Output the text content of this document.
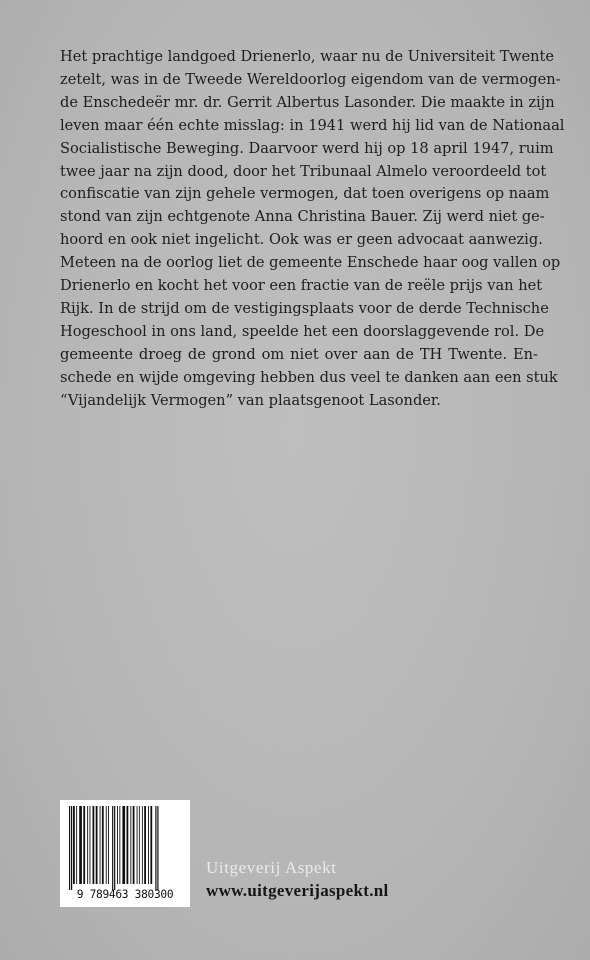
Het prachtige landgoed Drienerlo, waar nu de Universiteit Twente
zetelt, was in de Tweede Wereldoorlog eigendom van de vermogen-
de Enschedeër mr. dr. Gerrit Albertus Lasonder. Die maakte in zijn
leven maar één echte misslag: in 1941 werd hij lid van de Nationaal
Socialistische Beweging. Daarvoor werd hij op 18 april 1947, ruim
twee jaar na zijn dood, door het Tribunaal Almelo veroordeeld tot
confiscatie van zijn gehele vermogen, dat toen overigens op naam
stond van zijn echtgenote Anna Christina Bauer. Zij werd niet ge-
hoord en ook niet ingelicht. Ook was er geen advocaat aanwezig.
Meteen na de oorlog liet de gemeente Enschede haar oog vallen op
Drienerlo en kocht het voor een fractie van de reële prijs van het
Rijk. In de strijd om de vestigingsplaats voor de derde Technische
Hogeschool in ons land, speelde het een doorslaggevende rol. De
gemeente droeg de grond om niet over aan de TH Twente. En-
schede en wijde omgeving hebben dus veel te danken aan een stuk
“Vijandelijk Vermogen” van plaatsgenoot Lasonder.
9 789463 380300
Uitgeverij Aspekt
www.uitgeverijaspekt.nl
